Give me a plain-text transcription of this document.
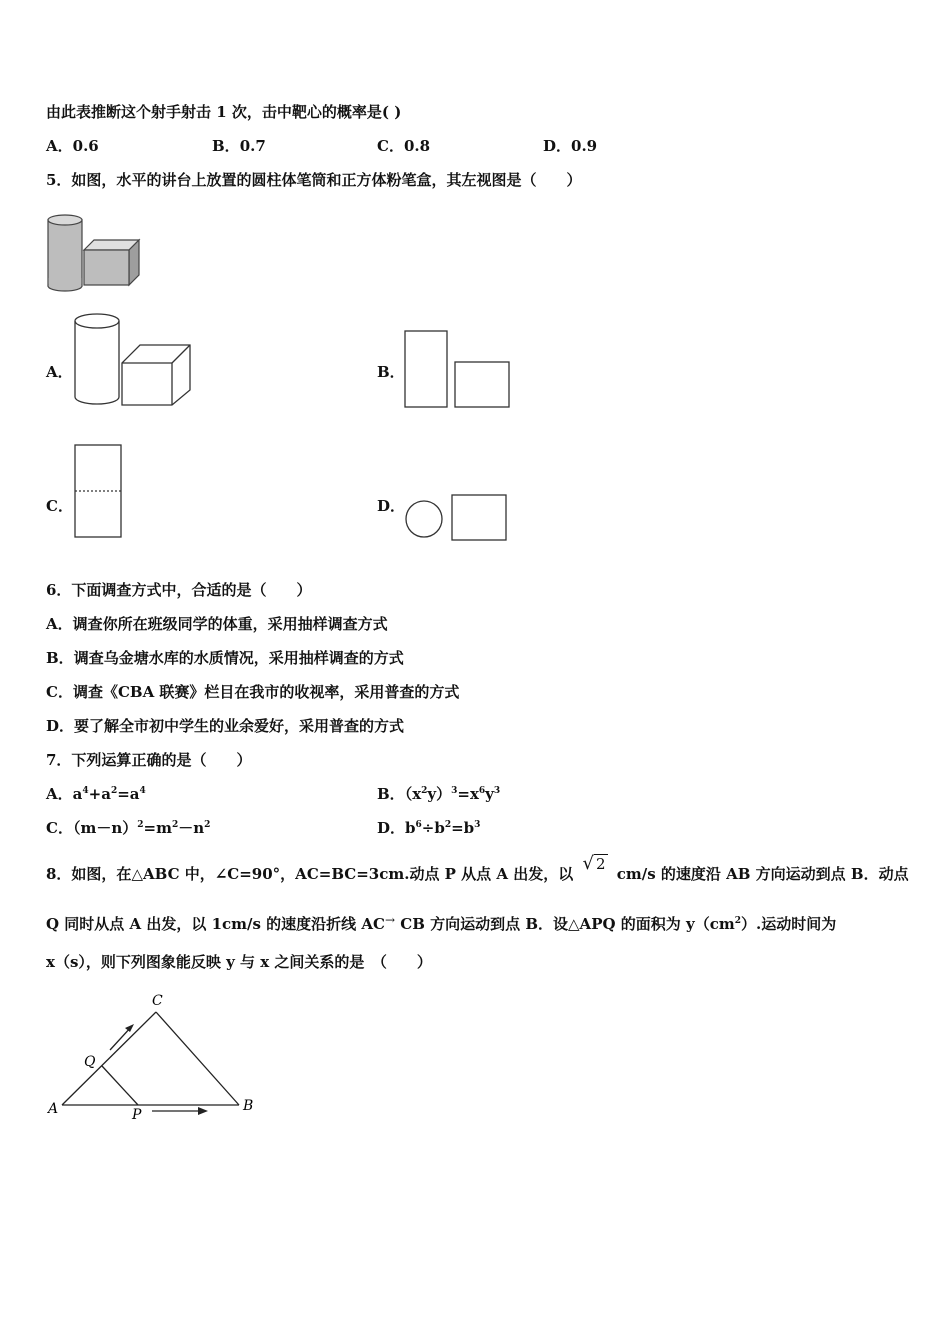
由此表推断这个射手射击 1 次，击中靶心的概率是( )
A．0.6	B．0.7	C．0.8	D．0.9
5．如图，水平的讲台上放置的圆柱体笔筒和正方体粉笔盒，其左视图是（　　）
A．	B．
C．	D．
6．下面调查方式中，合适的是（　　）
A．调查你所在班级同学的体重，采用抽样调查方式
B．调查乌金塘水库的水质情况，采用抽样调查的方式
C．调查《CBA 联赛》栏目在我市的收视率，采用普查的方式
D．要了解全市初中学生的业余爱好，采用普查的方式
7．下列运算正确的是（　　）
A．$a^4+a^2=a^4$	B．$(x^2y)^3=x^6y^3$
C．$(m-n)^2=m^2-n^2$	D．$b^6\div b^2=b^3$
8．如图，在△ABC 中，∠C=90°，AC=BC=3cm.动点 P 从点 A 出发，以 √ 2 cm/s 的速度沿 AB 方向运动到点 B．动点
Q 同时从点 A 出发，以 1cm/s 的速度沿折线 AC→ CB 方向运动到点 B．设△APQ 的面积为 $y(cm^2)$.运动时间为
x（s），则下列图象能反映 y 与 x 之间关系的是　（　　）
A	B
C
P
Q
